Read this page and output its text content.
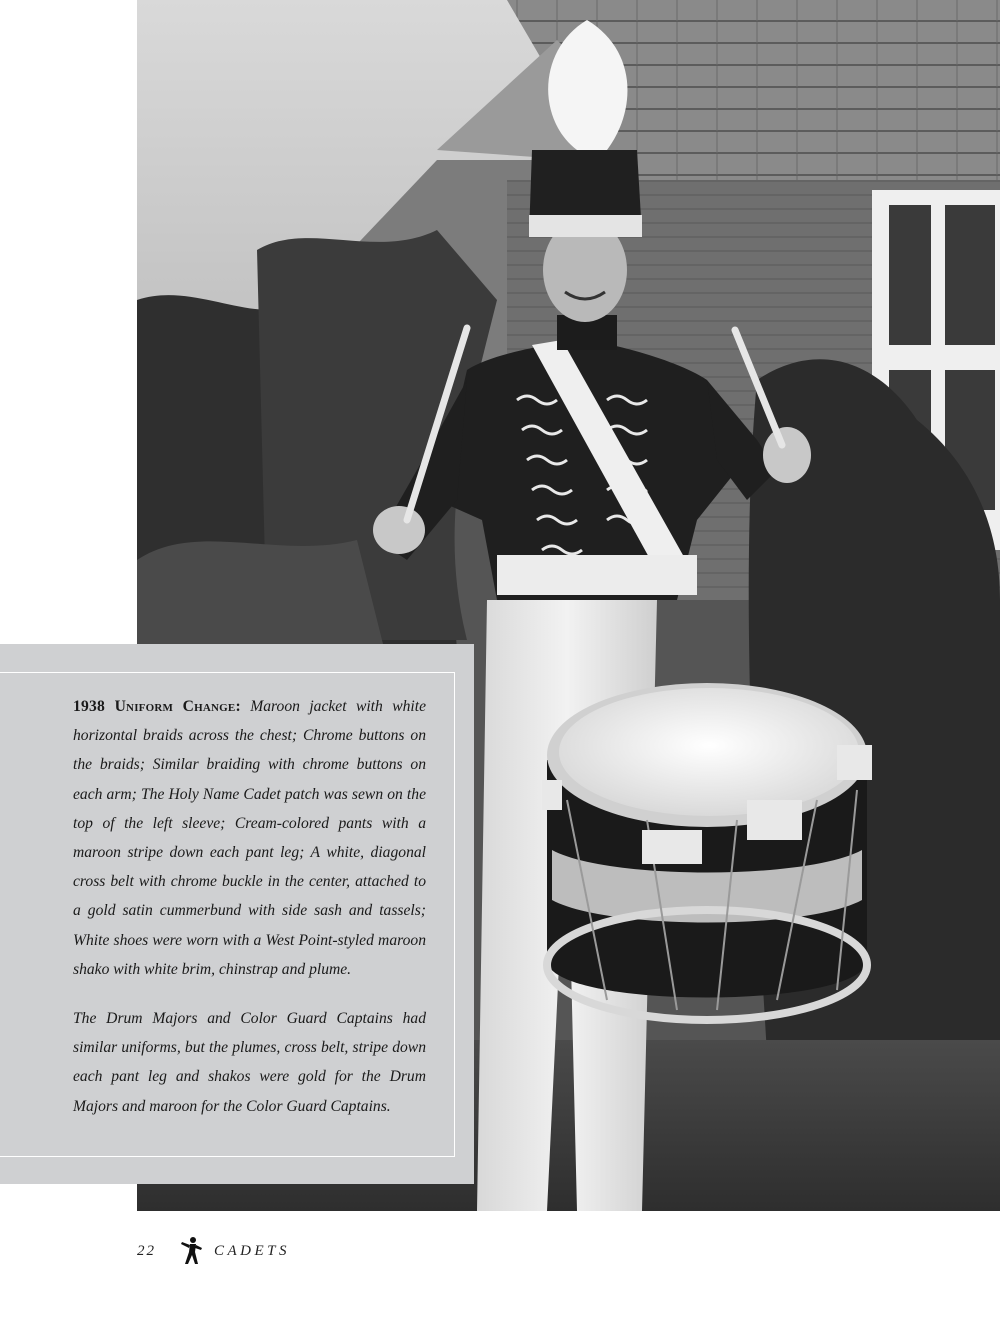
1938 Uniform Change: Maroon jacket with white horizontal braids across the chest; Chrome buttons on the braids; Similar braiding with chrome buttons on each arm; The Holy Name Cadet patch was sewn on the top of the left sleeve; Cream-colored pants with a maroon stripe down each pant leg; A white, diagonal cross belt with chrome buckle in the center, attached to a gold satin cummerbund with side sash and tassels; White shoes were worn with a West Point-styled maroon shako with white brim, chinstrap and plume.

The Drum Majors and Color Guard Captains had similar uniforms, but the plumes, cross belt, stripe down each pant leg and shakos were gold for the Drum Majors and maroon for the Color Guard Captains.

22	CADETS
